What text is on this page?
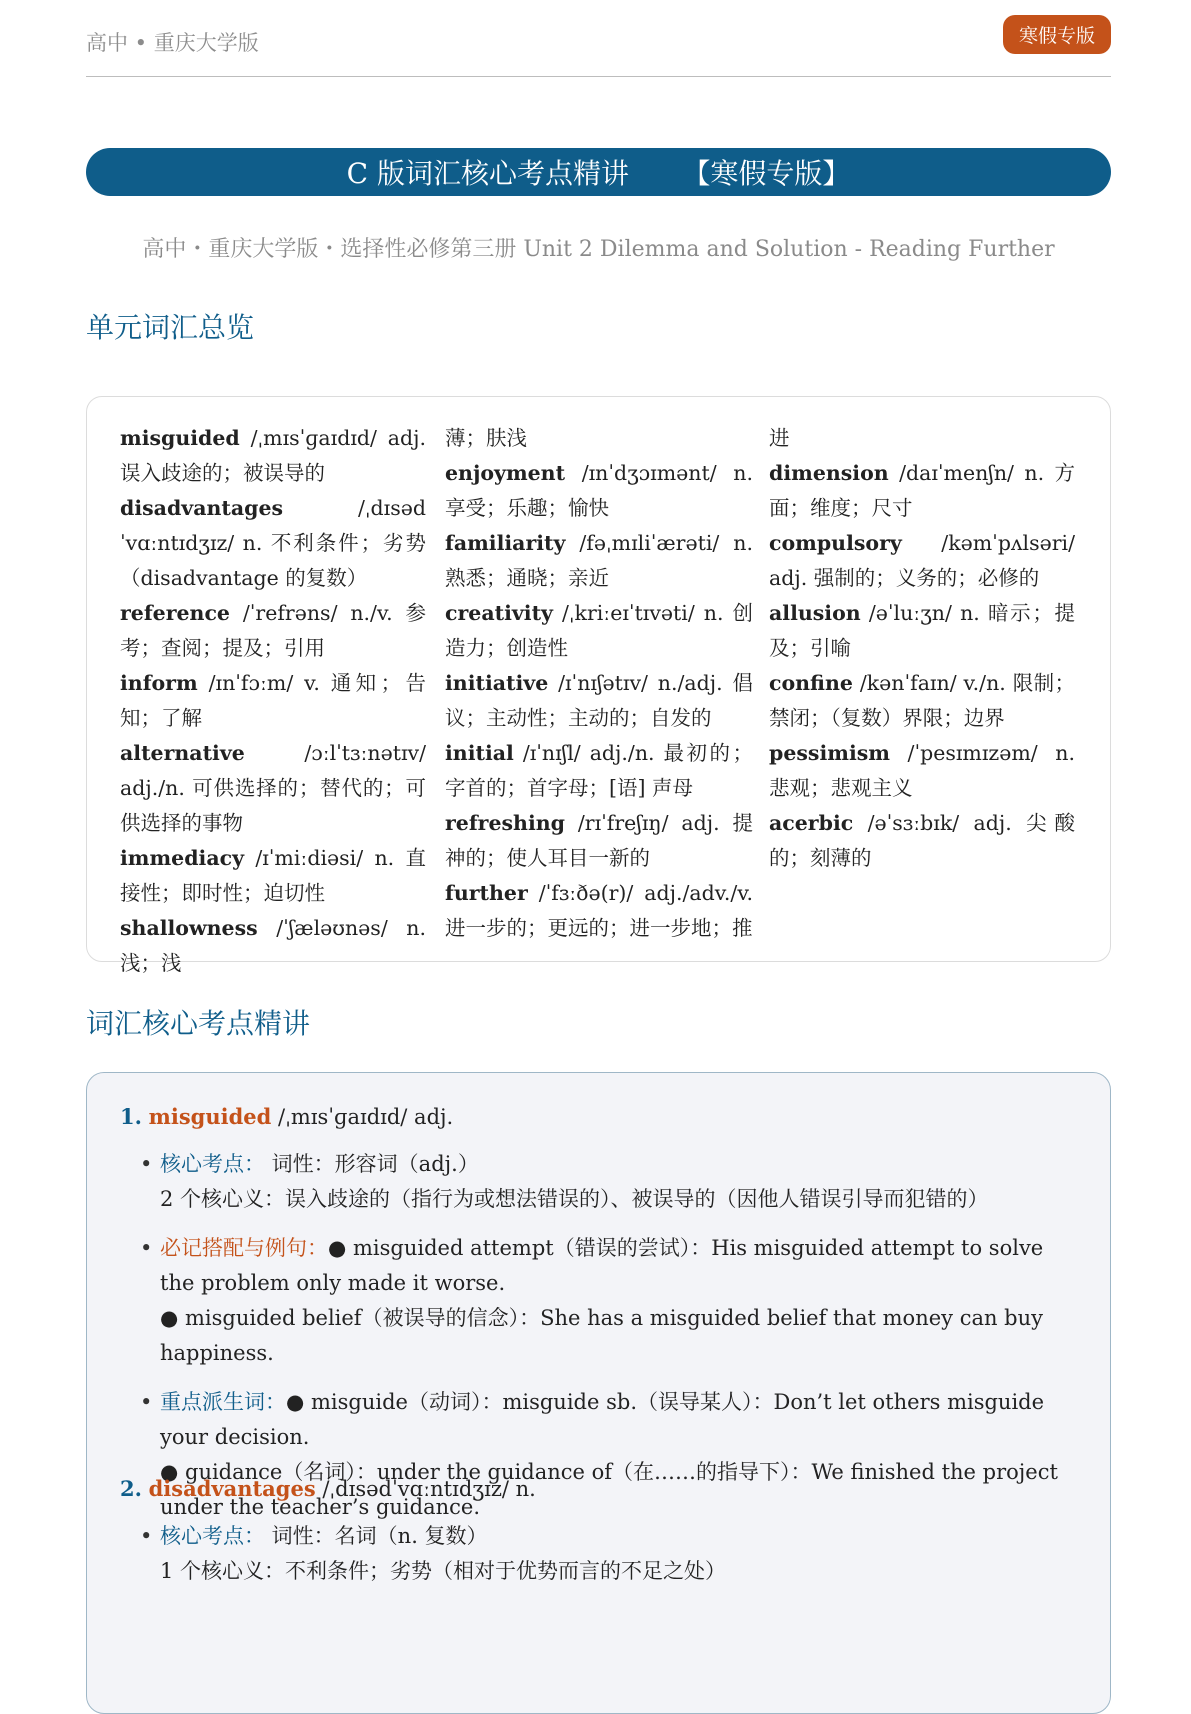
高中 • 重庆大学版	寒假专版
C 版词汇核心考点精讲
【寒假专版】
高中・重庆大学版・选择性必修第三册 Unit 2 Dilemma and Solution - Reading Further
单元词汇总览

misguided /ˌmɪsˈɡaɪdɪd/ adj. 误入歧途的；被误导的

disadvantages /ˌdɪsədˈvɑːntɪdʒɪz/ n. 不利条件；劣势（disadvantage 的复数）

reference /ˈrefrəns/ n./v. 参考；查阅；提及；引用

inform /ɪnˈfɔːm/ v. 通知；告知；了解

alternative /ɔːlˈtɜːnətɪv/ adj./n. 可供选择的；替代的；可供选择的事物

immediacy /ɪˈmiːdiəsi/ n. 直接性；即时性；迫切性

shallowness /ˈʃæləʊnəs/ n. 浅；浅

薄；肤浅

enjoyment /ɪnˈdʒɔɪmənt/ n. 享受；乐趣；愉快

familiarity /fəˌmɪliˈærəti/ n. 熟悉；通晓；亲近

creativity /ˌkriːeɪˈtɪvəti/ n. 创造力；创造性

initiative /ɪˈnɪʃətɪv/ n./adj. 倡议；主动性；主动的；自发的

initial /ɪˈnɪʃl/ adj./n. 最初的；字首的；首字母；[语] 声母

refreshing /rɪˈfreʃɪŋ/ adj. 提神的；使人耳目一新的

further /ˈfɜːðə(r)/ adj./adv./v. 进一步的；更远的；进一步地；推

进

dimension /daɪˈmenʃn/ n. 方面；维度；尺寸

compulsory /kəmˈpʌlsəri/ adj. 强制的；义务的；必修的

allusion /əˈluːʒn/ n. 暗示；提及；引喻

confine /kənˈfaɪn/ v./n. 限制；禁闭；（复数）界限；边界

pessimism /ˈpesɪmɪzəm/ n. 悲观；悲观主义

acerbic /əˈsɜːbɪk/ adj. 尖酸的；刻薄的

词汇核心考点精讲
1. misguided /ˌmɪsˈɡaɪdɪd/ adj.
• 核心考点： 词性：形容词（adj.）
2 个核心义：误入歧途的（指行为或想法错误的）、被误导的（因他人错误引导而犯错的）
• 必记搭配与例句：● misguided attempt（错误的尝试）：His misguided attempt to solve the problem only made it worse.
● misguided belief（被误导的信念）：She has a misguided belief that money can buy happiness.
• 重点派生词：● misguide（动词）：misguide sb.（误导某人）：Don’t let others misguide your decision.
● guidance（名词）：under the guidance of（在……的指导下）：We finished the project under the teacher’s guidance.
2. disadvantages /ˌdɪsədˈvɑːntɪdʒɪz/ n.
• 核心考点： 词性：名词（n. 复数）
1 个核心义：不利条件；劣势（相对于优势而言的不足之处）
